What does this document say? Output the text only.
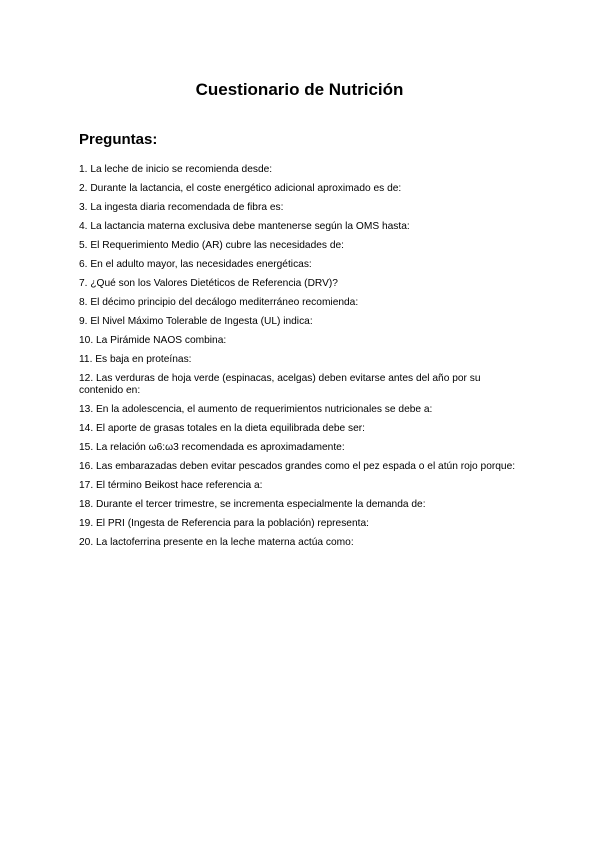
Cuestionario de Nutrición
Preguntas:
1. La leche de inicio se recomienda desde:
2. Durante la lactancia, el coste energético adicional aproximado es de:
3. La ingesta diaria recomendada de fibra es:
4. La lactancia materna exclusiva debe mantenerse según la OMS hasta:
5. El Requerimiento Medio (AR) cubre las necesidades de:
6. En el adulto mayor, las necesidades energéticas:
7. ¿Qué son los Valores Dietéticos de Referencia (DRV)?
8. El décimo principio del decálogo mediterráneo recomienda:
9. El Nivel Máximo Tolerable de Ingesta (UL) indica:
10. La Pirámide NAOS combina:
11. Es baja en proteínas:
12. Las verduras de hoja verde (espinacas, acelgas) deben evitarse antes del año por su contenido en:
13. En la adolescencia, el aumento de requerimientos nutricionales se debe a:
14. El aporte de grasas totales en la dieta equilibrada debe ser:
15. La relación ω6:ω3 recomendada es aproximadamente:
16. Las embarazadas deben evitar pescados grandes como el pez espada o el atún rojo porque:
17. El término Beikost hace referencia a:
18. Durante el tercer trimestre, se incrementa especialmente la demanda de:
19. El PRI (Ingesta de Referencia para la población) representa:
20. La lactoferrina presente en la leche materna actúa como:
